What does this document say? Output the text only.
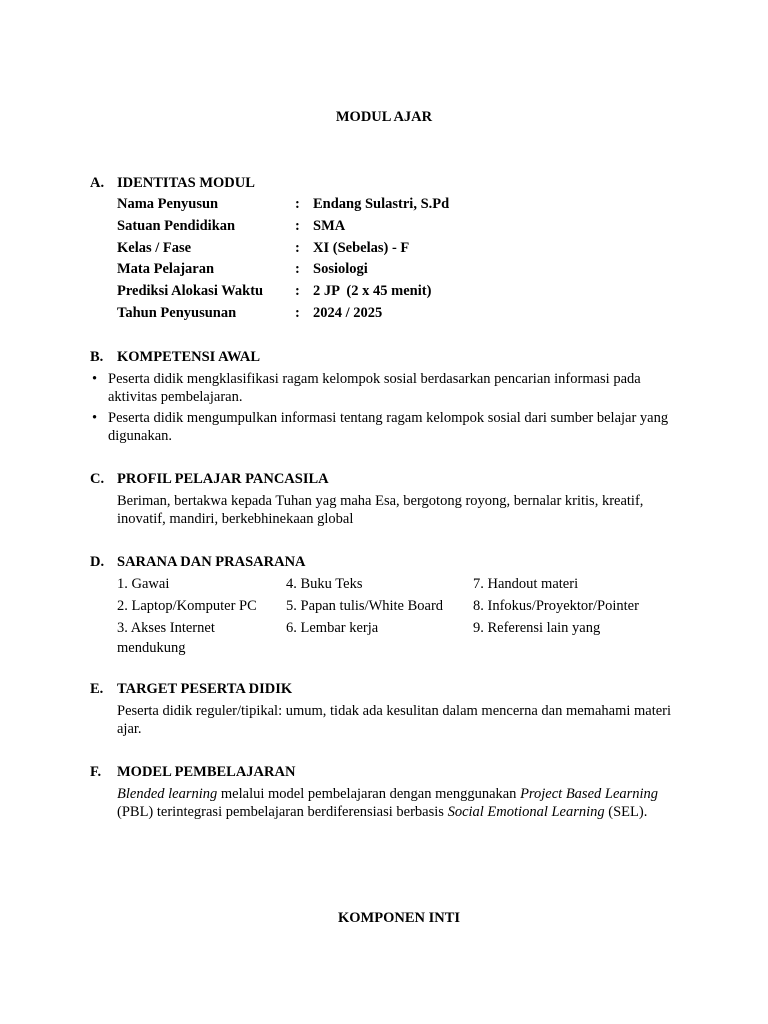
MODUL AJAR
A. IDENTITAS MODUL
Nama Penyusun	: Endang Sulastri, S.Pd
Satuan Pendidikan	: SMA
Kelas / Fase	: XI (Sebelas) - F
Mata Pelajaran	: Sosiologi
Prediksi Alokasi Waktu	: 2 JP  (2 x 45 menit)
Tahun Penyusunan	: 2024 / 2025
B. KOMPETENSI AWAL
• Peserta didik mengklasifikasi ragam kelompok sosial berdasarkan pencarian informasi pada aktivitas pembelajaran.
• Peserta didik mengumpulkan informasi tentang ragam kelompok sosial dari sumber belajar yang digunakan.
C. PROFIL PELAJAR PANCASILA
Beriman, bertakwa kepada Tuhan yag maha Esa, bergotong royong, bernalar kritis, kreatif, inovatif, mandiri, berkebhinekaan global
D. SARANA DAN PRASARANA
1. Gawai	4. Buku Teks	7. Handout materi
2. Laptop/Komputer PC	5. Papan tulis/White Board	8. Infokus/Proyektor/Pointer
3. Akses Internet	6. Lembar kerja	9. Referensi lain yang
mendukung
E. TARGET PESERTA DIDIK
Peserta didik reguler/tipikal: umum, tidak ada kesulitan dalam mencerna dan memahami materi ajar.
F.	MODEL PEMBELAJARAN
Blended learning melalui model pembelajaran dengan menggunakan Project Based Learning (PBL) terintegrasi pembelajaran berdiferensiasi berbasis Social Emotional Learning (SEL).
KOMPONEN INTI
